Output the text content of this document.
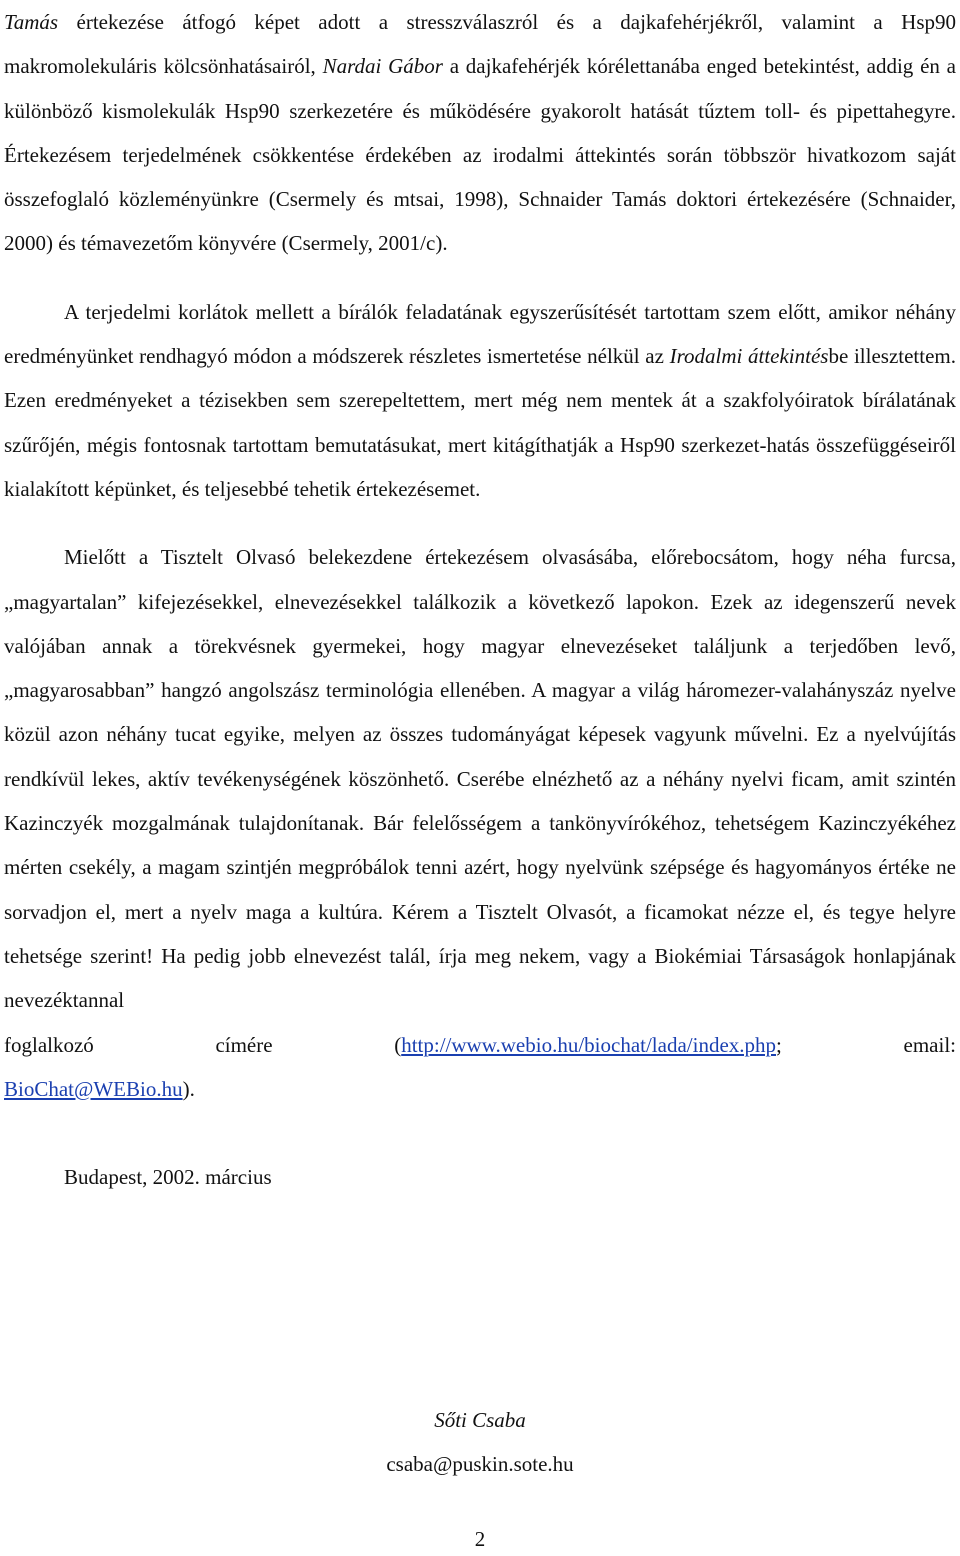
Tamás értekezése átfogó képet adott a stresszválaszról és a dajkafehérjékről, valamint a Hsp90 makromolekuláris kölcsönhatásairól, Nardai Gábor a dajkafehérjék kórélettanába enged betekintést, addig én a különböző kismolekulák Hsp90 szerkezetére és működésére gyakorolt hatását tűztem toll- és pipettahegyre. Értekezésem terjedelmének csökkentése érdekében az irodalmi áttekintés során többször hivatkozom saját összefoglaló közleményünkre (Csermely és mtsai, 1998), Schnaider Tamás doktori értekezésére (Schnaider, 2000) és témavezetőm könyvére (Csermely, 2001/c).

A terjedelmi korlátok mellett a bírálók feladatának egyszerűsítését tartottam szem előtt, amikor néhány eredményünket rendhagyó módon a módszerek részletes ismertetése nélkül az Irodalmi áttekintésbe illesztettem. Ezen eredményeket a tézisekben sem szerepeltettem, mert még nem mentek át a szakfolyóiratok bírálatának szűrőjén, mégis fontosnak tartottam bemutatásukat, mert kitágíthatják a Hsp90 szerkezet-hatás összefüggéseiről kialakított képünket, és teljesebbé tehetik értekezésemet.

Mielőtt a Tisztelt Olvasó belekezdene értekezésem olvasásába, előrebocsátom, hogy néha furcsa, „magyartalan” kifejezésekkel, elnevezésekkel találkozik a következő lapokon. Ezek az idegenszerű nevek valójában annak a törekvésnek gyermekei, hogy magyar elnevezéseket találjunk a terjedőben levő, „magyarosabban” hangzó angolszász terminológia ellenében. A magyar a világ háromezer-valahányszáz nyelve közül azon néhány tucat egyike, melyen az összes tudományágat képesek vagyunk művelni. Ez a nyelvújítás rendkívül lekes, aktív tevékenységének köszönhető. Cserébe elnézhető az a néhány nyelvi ficam, amit szintén Kazinczyék mozgalmának tulajdonítanak. Bár felelősségem a tankönyvírókéhoz, tehetségem Kazinczyékéhez mérten csekély, a magam szintjén megpróbálok tenni azért, hogy nyelvünk szépsége és hagyományos értéke ne sorvadjon el, mert a nyelv maga a kultúra. Kérem a Tisztelt Olvasót, a ficamokat nézze el, és tegye helyre tehetsége szerint! Ha pedig jobb elnevezést talál, írja meg nekem, vagy a Biokémiai Társaságok honlapjának nevezéktannal
foglalkozó címére (http://www.webio.hu/biochat/lada/index.php; email:
BioChat@WEBio.hu).

Budapest, 2002. március

Sőti Csaba

csaba@puskin.sote.hu

2
